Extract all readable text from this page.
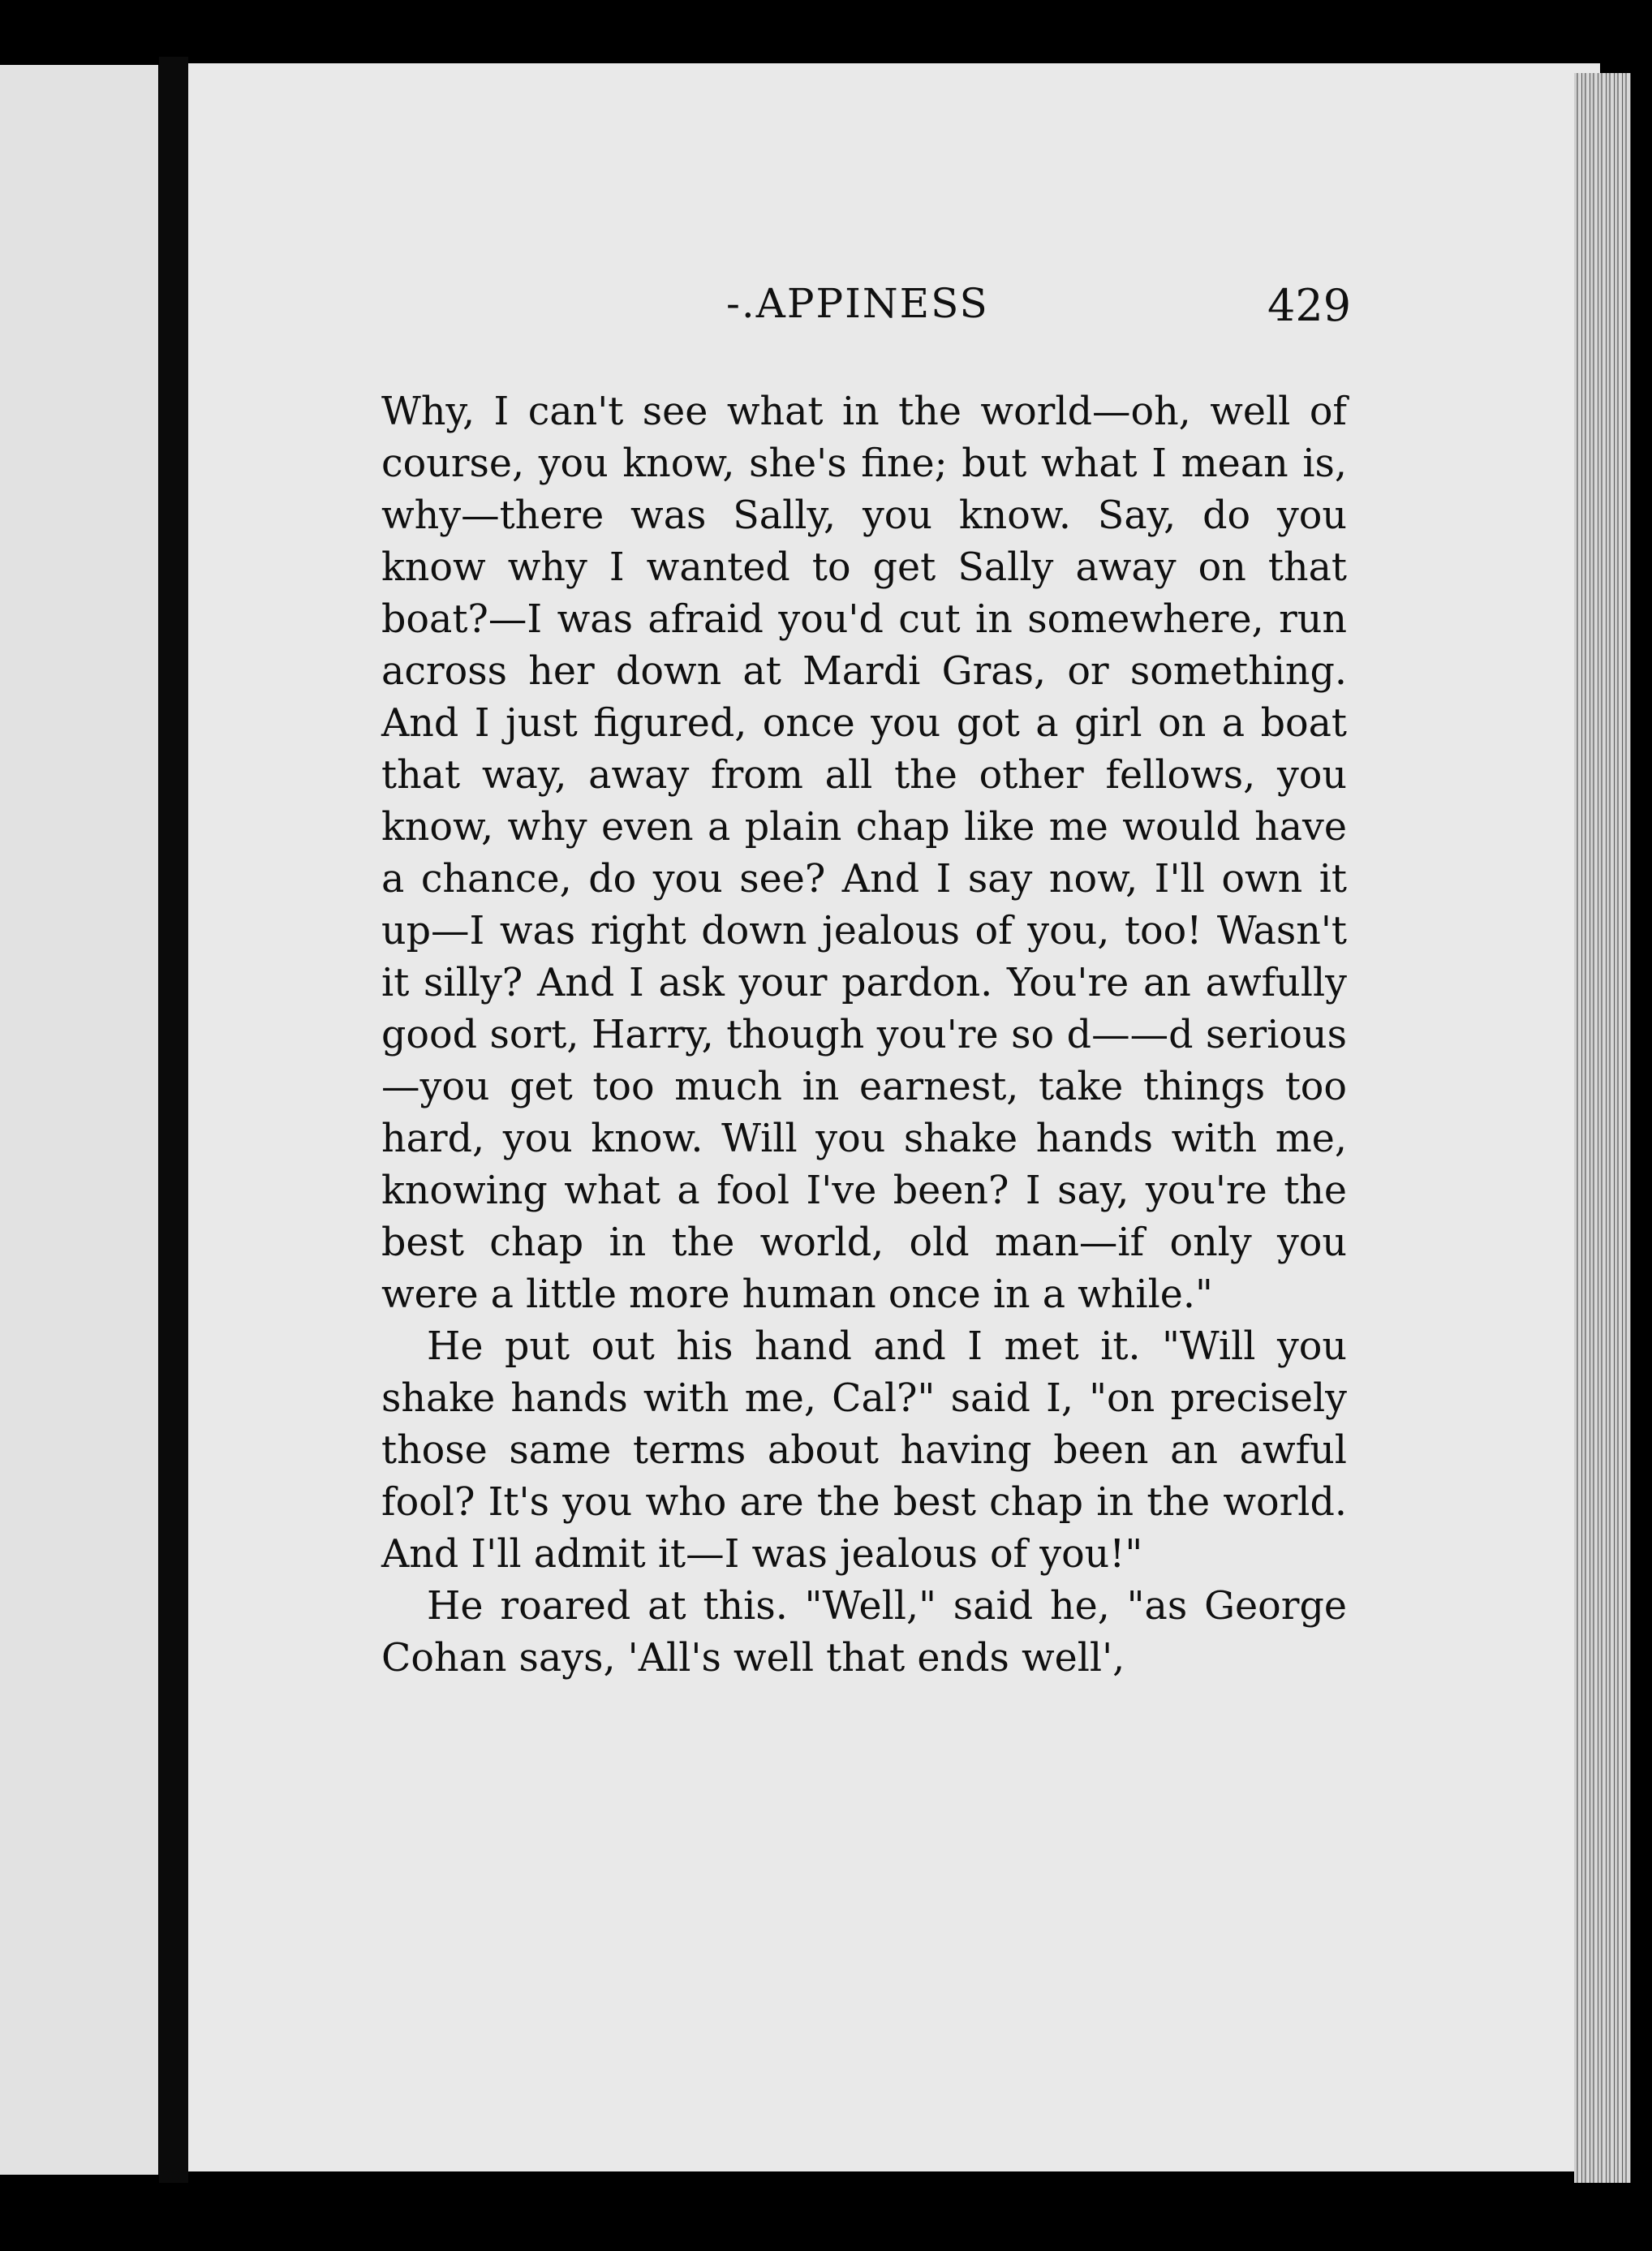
-.APPINESS	429

Why, I can't see what in the world—oh, well of course, you know, she's fine; but what I mean is, why—there was Sally, you know. Say, do you know why I wanted to get Sally away on that boat?—I was afraid you'd cut in somewhere, run across her down at Mardi Gras, or something. And I just figured, once you got a girl on a boat that way, away from all the other fellows, you know, why even a plain chap like me would have a chance, do you see? And I say now, I'll own it up—I was right down jealous of you, too! Wasn't it silly? And I ask your pardon. You're an awfully good sort, Harry, though you're so d——d serious—you get too much in earnest, take things too hard, you know. Will you shake hands with me, knowing what a fool I've been? I say, you're the best chap in the world, old man—if only you were a little more human once in a while."

He put out his hand and I met it. "Will you shake hands with me, Cal?" said I, "on precisely those same terms about having been an awful fool? It's you who are the best chap in the world. And I'll admit it—I was jealous of you!"

He roared at this. "Well," said he, "as George Cohan says, 'All's well that ends well',
